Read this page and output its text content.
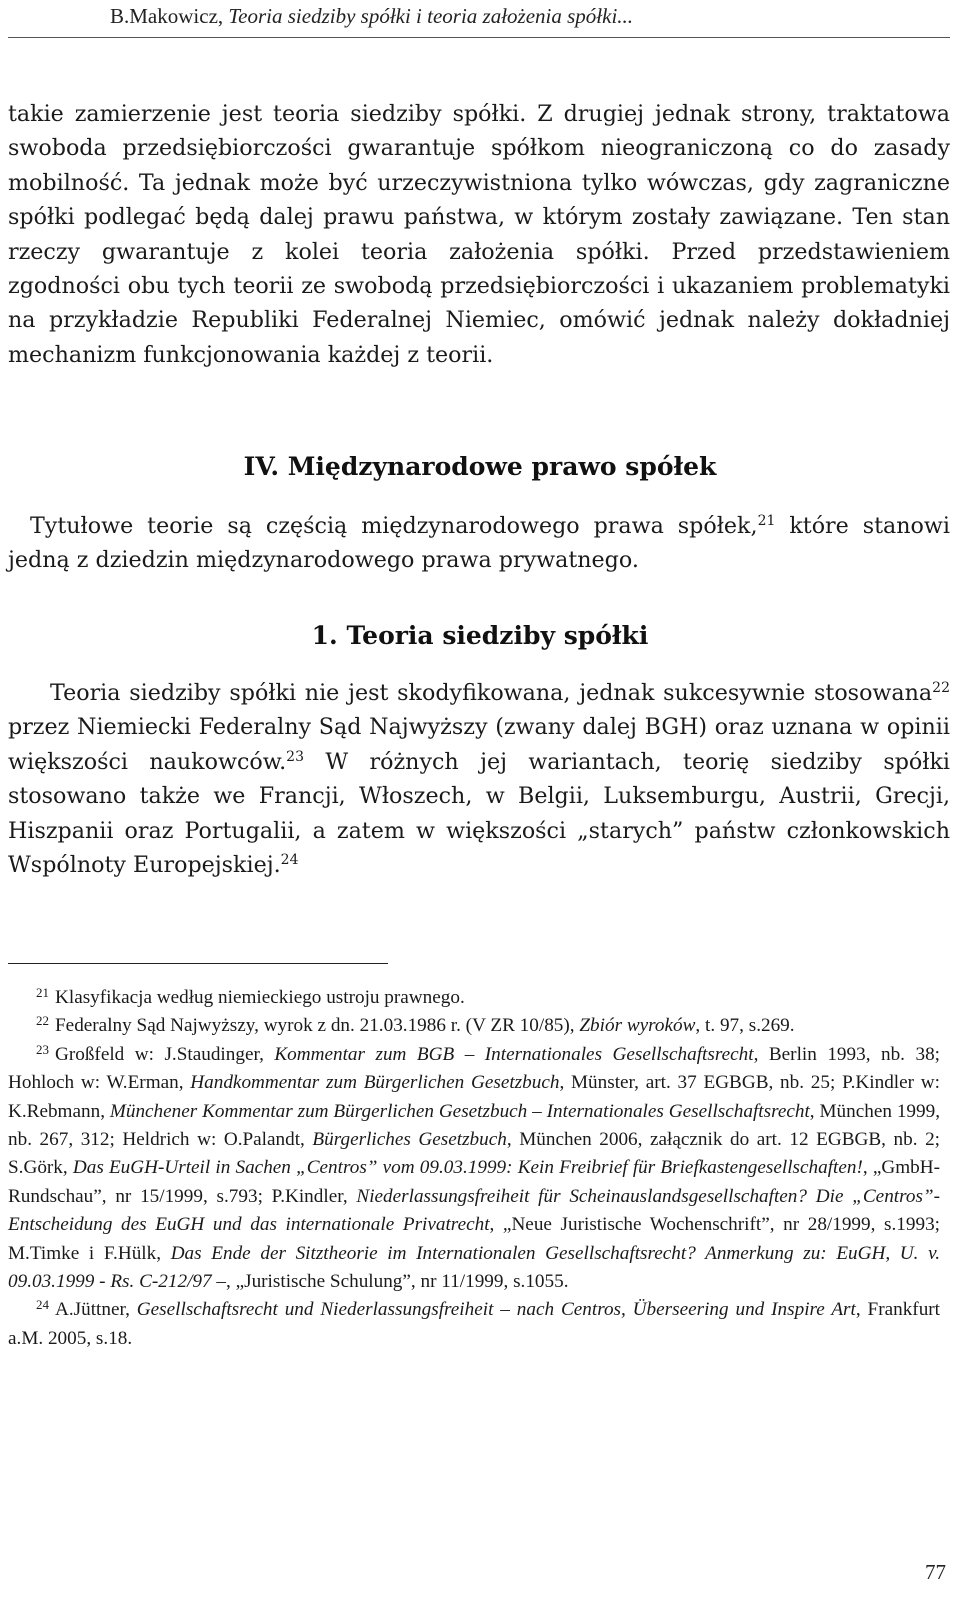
B.Makowicz, Teoria siedziby spółki i teoria założenia spółki...

takie zamierzenie jest teoria siedziby spółki. Z drugiej jednak strony, traktatowa swoboda przedsiębiorczości gwarantuje spółkom nieograniczoną co do zasady mobilność. Ta jednak może być urzeczywistniona tylko wówczas, gdy zagraniczne spółki podlegać będą dalej prawu państwa, w którym zostały zawiązane. Ten stan rzeczy gwarantuje z kolei teoria założenia spółki. Przed przedstawieniem zgodności obu tych teorii ze swobodą przedsiębiorczości i ukazaniem problematyki na przykładzie Republiki Federalnej Niemiec, omówić jednak należy dokładniej mechanizm funkcjonowania każdej z teorii.

IV. Międzynarodowe prawo spółek

Tytułowe teorie są częścią międzynarodowego prawa spółek,$^{21}$ które stanowi jedną z dziedzin międzynarodowego prawa prywatnego.

1. Teoria siedziby spółki

Teoria siedziby spółki nie jest skodyfikowana, jednak sukcesywnie stosowana$^{22}$ przez Niemiecki Federalny Sąd Najwyższy (zwany dalej BGH) oraz uznana w opinii większości naukowców.$^{23}$ W różnych jej wariantach, teorię siedziby spółki stosowano także we Francji, Włoszech, w Belgii, Luksemburgu, Austrii, Grecji, Hiszpanii oraz Portugalii, a zatem w większości „starych” państw członkowskich Wspólnoty Europejskiej.$^{24}$

$^{21}$ Klasyfikacja według niemieckiego ustroju prawnego.

$^{22}$ Federalny Sąd Najwyższy, wyrok z dn. 21.03.1986 r. (V ZR 10/85), Zbiór wyroków, t. 97, s.269.

$^{23}$ Großfeld w: J.Staudinger, Kommentar zum BGB – Internationales Gesellschaftsrecht, Berlin 1993, nb. 38; Hohloch w: W.Erman, Handkommentar zum Bürgerlichen Gesetzbuch, Münster, art. 37 EGBGB, nb. 25; P.Kindler w: K.Rebmann, Münchener Kommentar zum Bürgerlichen Gesetzbuch – Internationales Gesellschaftsrecht, München 1999, nb. 267, 312; Heldrich w: O.Palandt, Bürgerliches Gesetzbuch, München 2006, załącznik do art. 12 EGBGB, nb. 2; S.Görk, Das EuGH-Urteil in Sachen „Centros” vom 09.03.1999: Kein Freibrief für Briefkastengesellschaften!, „GmbH-Rundschau”, nr 15/1999, s.793; P.Kindler, Niederlassungsfreiheit für Scheinauslandsgesellschaften? Die „Centros”- Entscheidung des EuGH und das internationale Privatrecht, „Neue Juristische Wochenschrift”, nr 28/1999, s.1993; M.Timke i F.Hülk, Das Ende der Sitztheorie im Internationalen Gesellschaftsrecht? Anmerkung zu: EuGH, U. v. 09.03.1999 - Rs. C-212/97 –, „Juristische Schulung”, nr 11/1999, s.1055.

$^{24}$ A.Jüttner, Gesellschaftsrecht und Niederlassungsfreiheit – nach Centros, Überseering und Inspire Art, Frankfurt a.M. 2005, s.18.

77
